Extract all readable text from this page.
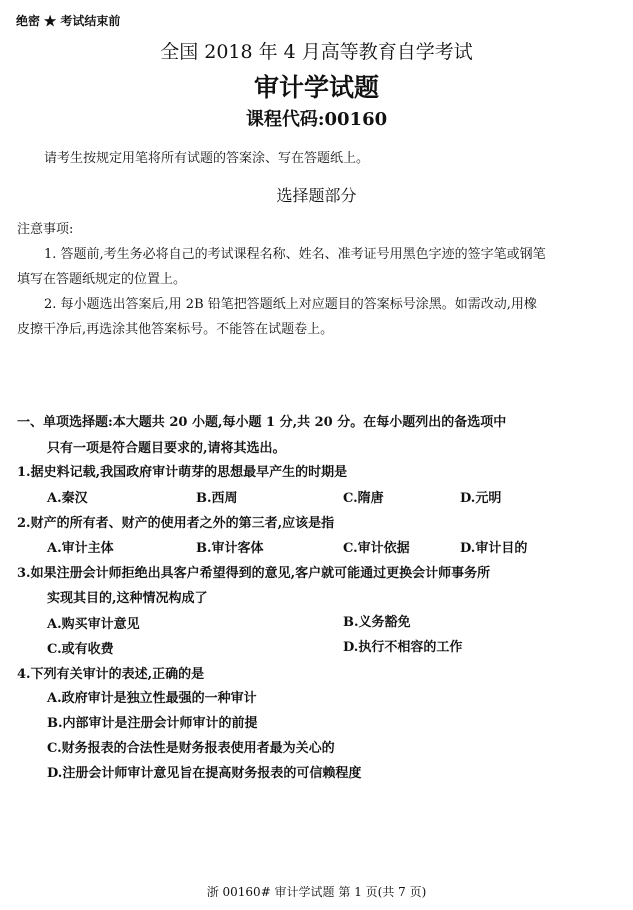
绝密 ★ 考试结束前
全国 2018 年 4 月高等教育自学考试
审计学试题
课程代码:00160
请考生按规定用笔将所有试题的答案涂、写在答题纸上。
选择题部分
注意事项:
1. 答题前,考生务必将自己的考试课程名称、姓名、准考证号用黑色字迹的签字笔或钢笔
填写在答题纸规定的位置上。
2. 每小题选出答案后,用 2B 铅笔把答题纸上对应题目的答案标号涂黑。如需改动,用橡
皮擦干净后,再选涂其他答案标号。不能答在试题卷上。
一、单项选择题:本大题共 20 小题,每小题 1 分,共 20 分。在每小题列出的备选项中
只有一项是符合题目要求的,请将其选出。
1.据史料记载,我国政府审计萌芽的思想最早产生的时期是
A.秦汉	B.西周	C.隋唐	D.元明
2.财产的所有者、财产的使用者之外的第三者,应该是指
A.审计主体	B.审计客体	C.审计依据	D.审计目的
3.如果注册会计师拒绝出具客户希望得到的意见,客户就可能通过更换会计师事务所
实现其目的,这种情况构成了
A.购买审计意见	B.义务豁免
C.或有收费	D.执行不相容的工作
4.下列有关审计的表述,正确的是
A.政府审计是独立性最强的一种审计
B.内部审计是注册会计师审计的前提
C.财务报表的合法性是财务报表使用者最为关心的
D.注册会计师审计意见旨在提高财务报表的可信赖程度
浙 00160# 审计学试题 第 1 页(共 7 页)
